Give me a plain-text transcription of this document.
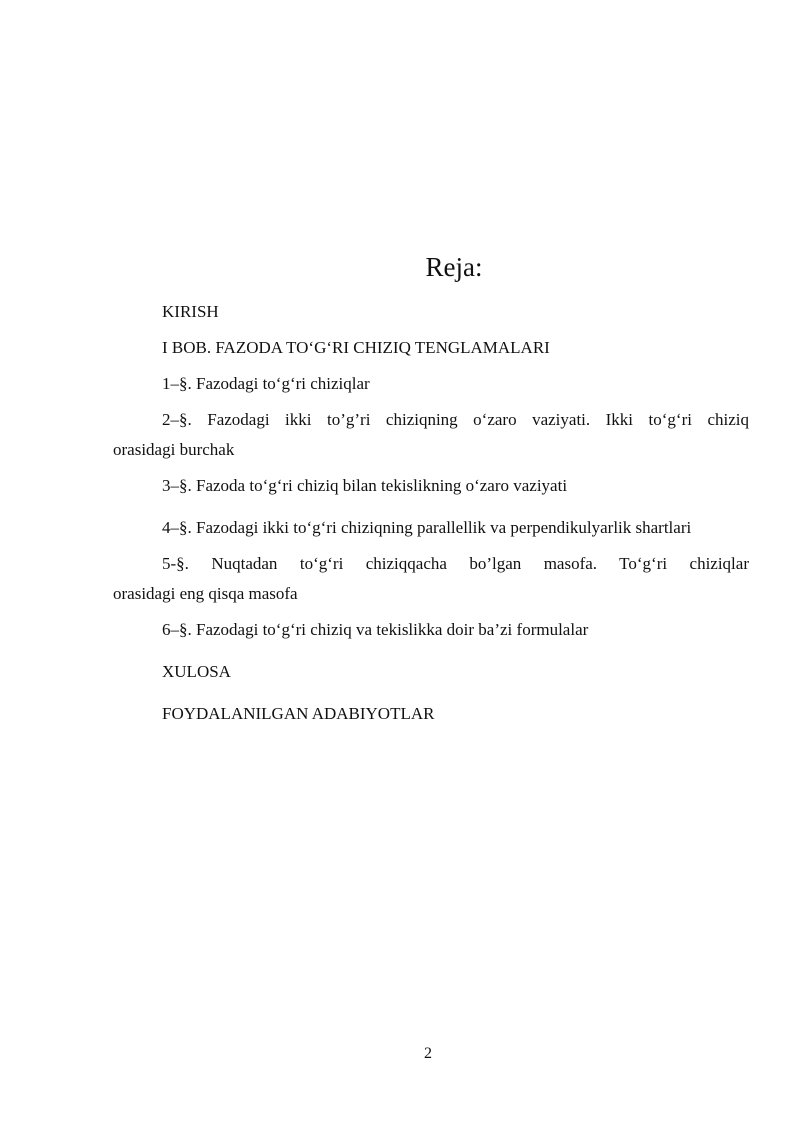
Reja:

KIRISH

I BOB. FAZODA TO‘G‘RI CHIZIQ TENGLAMALARI

1–§. Fazodagi to‘g‘ri chiziqlar

2–§. Fazodagi ikki to’g’ri chiziqning o‘zaro vaziyati. Ikki to‘g‘ri chiziq
orasidagi burchak

3–§. Fazoda to‘g‘ri chiziq bilan tekislikning o‘zaro vaziyati

4–§. Fazodagi ikki to‘g‘ri chiziqning parallellik va perpendikulyarlik shartlari

5-§. Nuqtadan to‘g‘ri chiziqqacha bo’lgan masofa. To‘g‘ri chiziqlar
orasidagi eng qisqa masofa

6–§. Fazodagi to‘g‘ri chiziq va tekislikka doir ba’zi formulalar

XULOSA

FOYDALANILGAN ADABIYOTLAR

2
